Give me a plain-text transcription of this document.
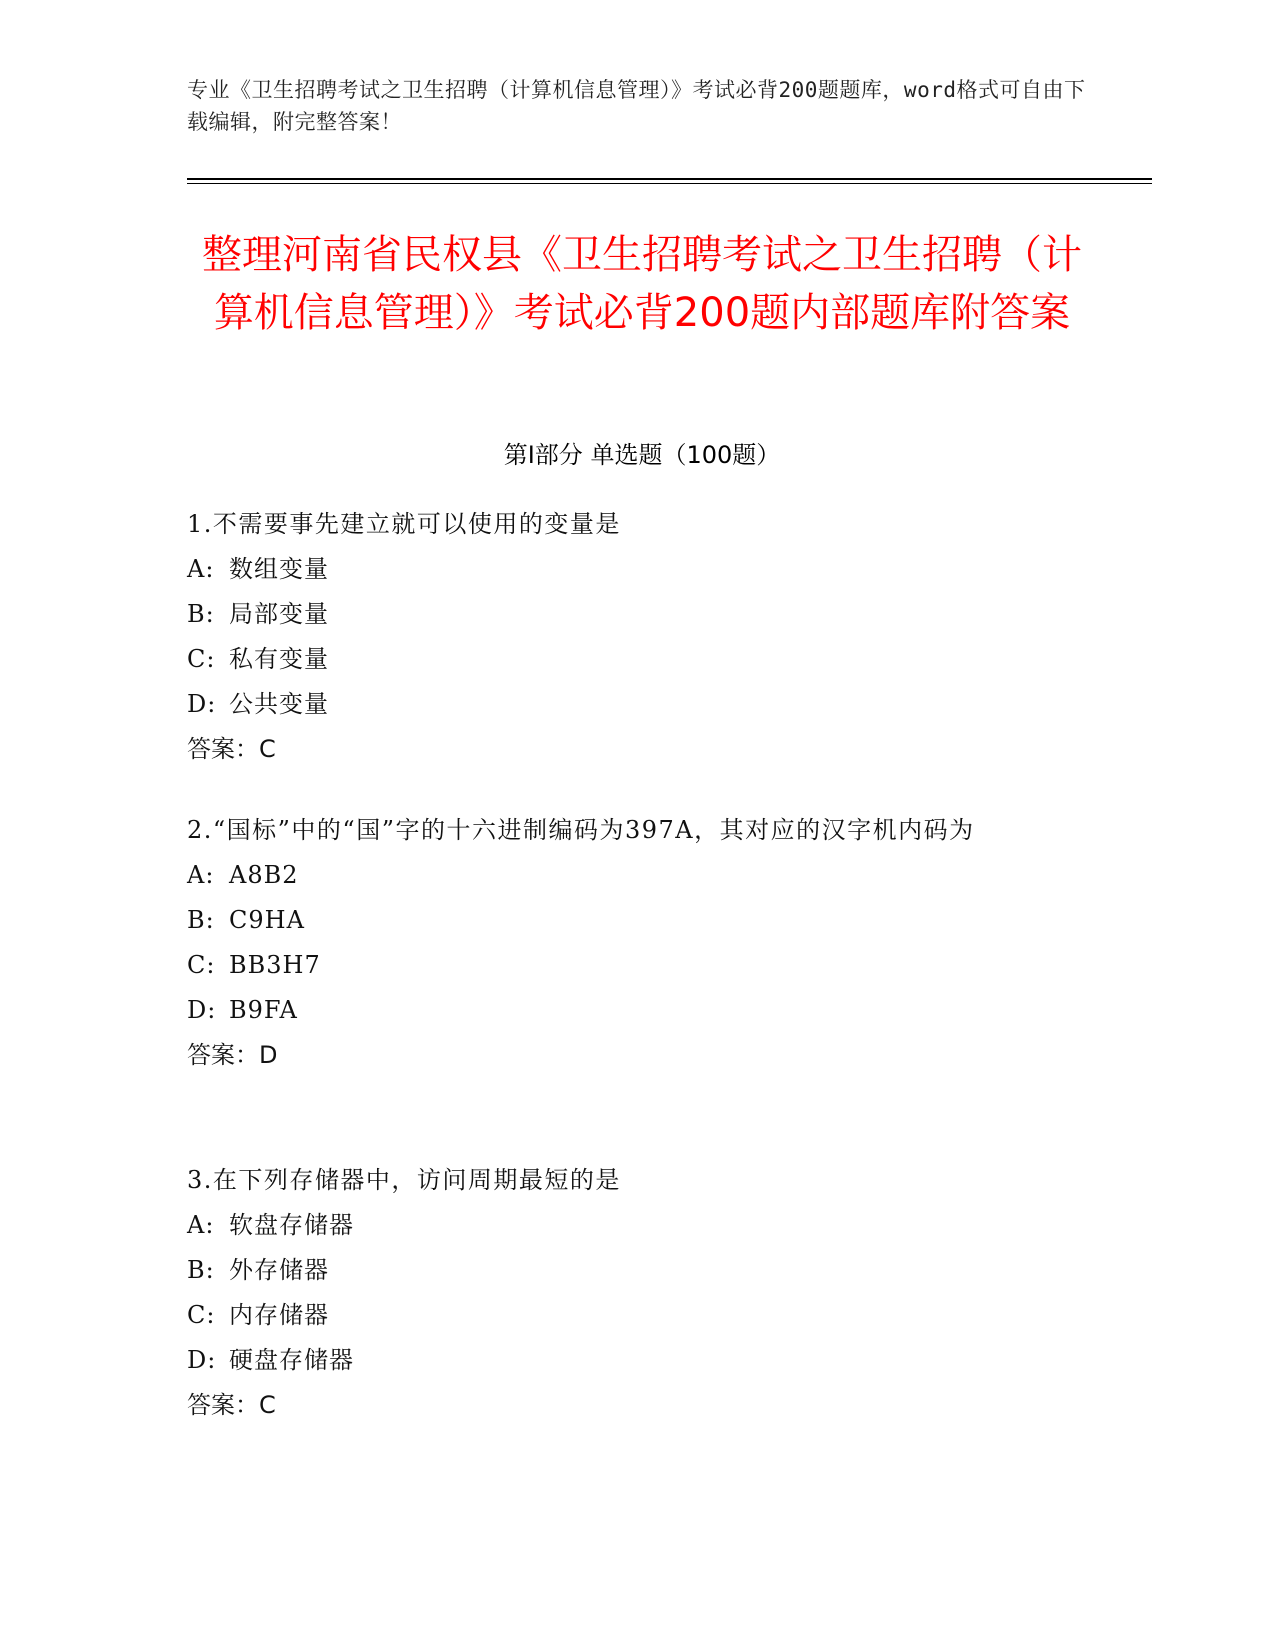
专业《卫生招聘考试之卫生招聘（计算机信息管理）》考试必背200题题库，word格式可自由下载编辑，附完整答案！
整理河南省民权县《卫生招聘考试之卫生招聘（计算机信息管理）》考试必背200题内部题库附答案
第Ⅰ部分 单选题（100题）

1.不需要事先建立就可以使用的变量是

A: 数组变量

B: 局部变量

C: 私有变量

D: 公共变量

答案：C

2.“国标”中的“国”字的十六进制编码为397A，其对应的汉字机内码为

A: A8B2

B: C9HA

C: BB3H7

D: B9FA

答案：D

3.在下列存储器中，访问周期最短的是

A: 软盘存储器

B: 外存储器

C: 内存储器

D: 硬盘存储器

答案：C
